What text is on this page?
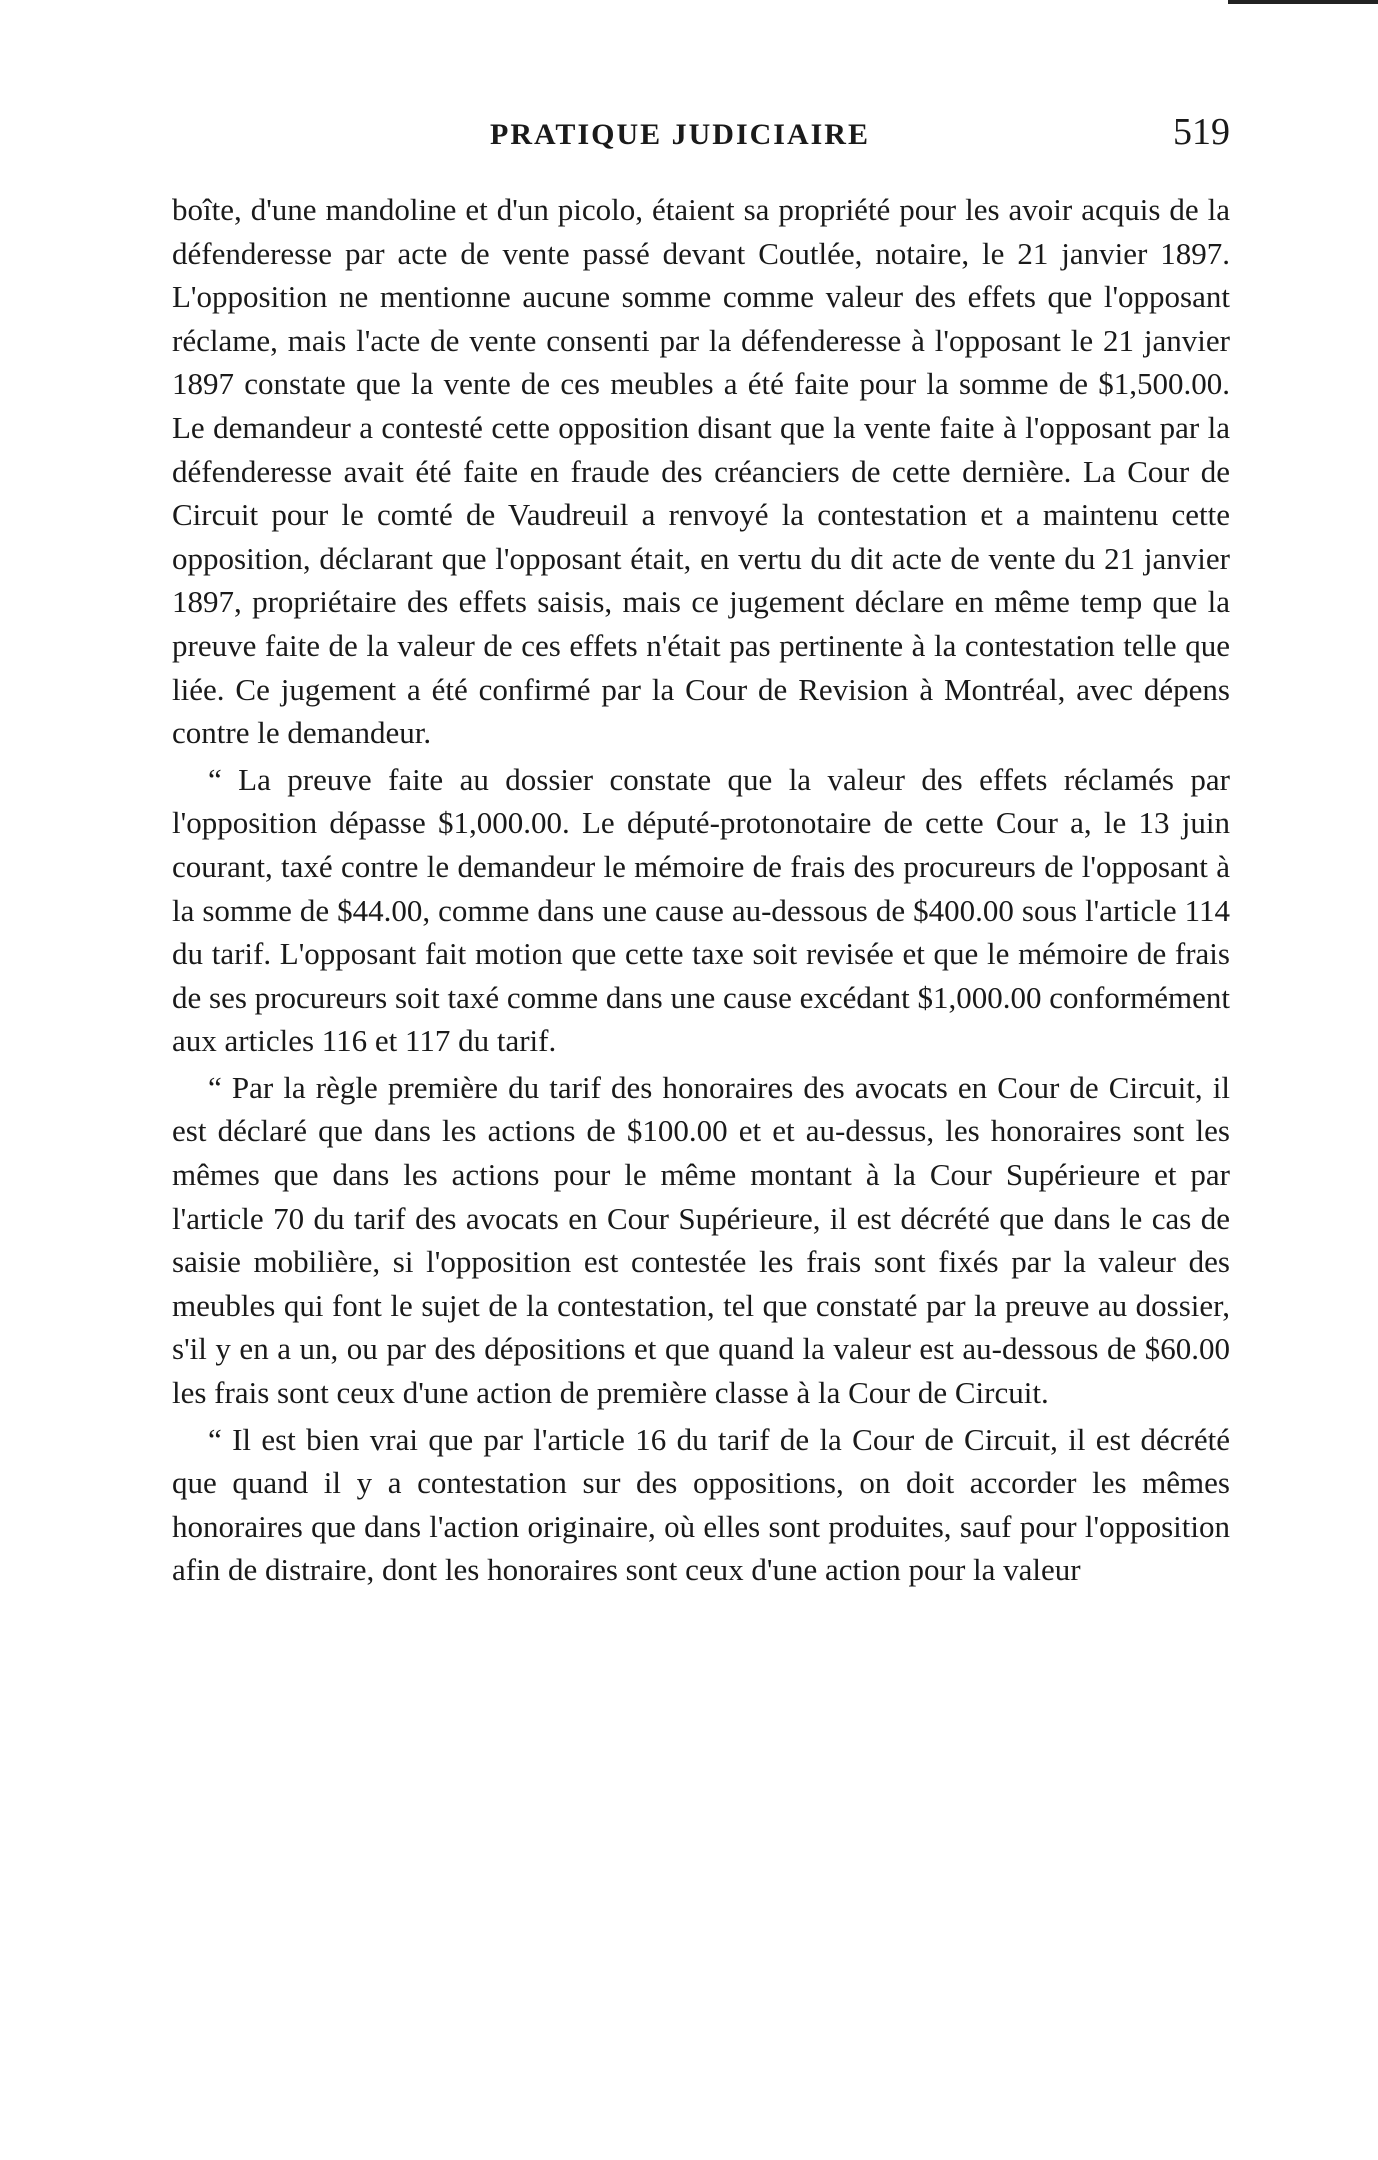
PRATIQUE JUDICIAIRE	519

boîte, d'une mandoline et d'un picolo, étaient sa propriété pour les avoir acquis de la défenderesse par acte de vente passé devant Coutlée, notaire, le 21 janvier 1897. L'opposition ne mentionne aucune somme comme valeur des effets que l'opposant réclame, mais l'acte de vente consenti par la défenderesse à l'opposant le 21 janvier 1897 constate que la vente de ces meubles a été faite pour la somme de $1,500.00. Le demandeur a contesté cette opposition disant que la vente faite à l'opposant par la défenderesse avait été faite en fraude des créanciers de cette dernière. La Cour de Circuit pour le comté de Vaudreuil a renvoyé la contestation et a maintenu cette opposition, déclarant que l'opposant était, en vertu du dit acte de vente du 21 janvier 1897, propriétaire des effets saisis, mais ce jugement déclare en même temp que la preuve faite de la valeur de ces effets n'était pas pertinente à la contestation telle que liée. Ce jugement a été confirmé par la Cour de Revision à Montréal, avec dépens contre le demandeur.

“ La preuve faite au dossier constate que la valeur des effets réclamés par l'opposition dépasse $1,000.00. Le député-protonotaire de cette Cour a, le 13 juin courant, taxé contre le demandeur le mémoire de frais des procureurs de l'opposant à la somme de $44.00, comme dans une cause au-dessous de $400.00 sous l'article 114 du tarif. L'opposant fait motion que cette taxe soit revisée et que le mémoire de frais de ses procureurs soit taxé comme dans une cause excédant $1,000.00 conformément aux articles 116 et 117 du tarif.

“ Par la règle première du tarif des honoraires des avocats en Cour de Circuit, il est déclaré que dans les actions de $100.00 et et au-dessus, les honoraires sont les mêmes que dans les actions pour le même montant à la Cour Supérieure et par l'article 70 du tarif des avocats en Cour Supérieure, il est décrété que dans le cas de saisie mobilière, si l'opposition est contestée les frais sont fixés par la valeur des meubles qui font le sujet de la contestation, tel que constaté par la preuve au dossier, s'il y en a un, ou par des dépositions et que quand la valeur est au-dessous de $60.00 les frais sont ceux d'une action de première classe à la Cour de Circuit.

“ Il est bien vrai que par l'article 16 du tarif de la Cour de Circuit, il est décrété que quand il y a contestation sur des oppositions, on doit accorder les mêmes honoraires que dans l'action originaire, où elles sont produites, sauf pour l'opposition afin de distraire, dont les honoraires sont ceux d'une action pour la valeur
